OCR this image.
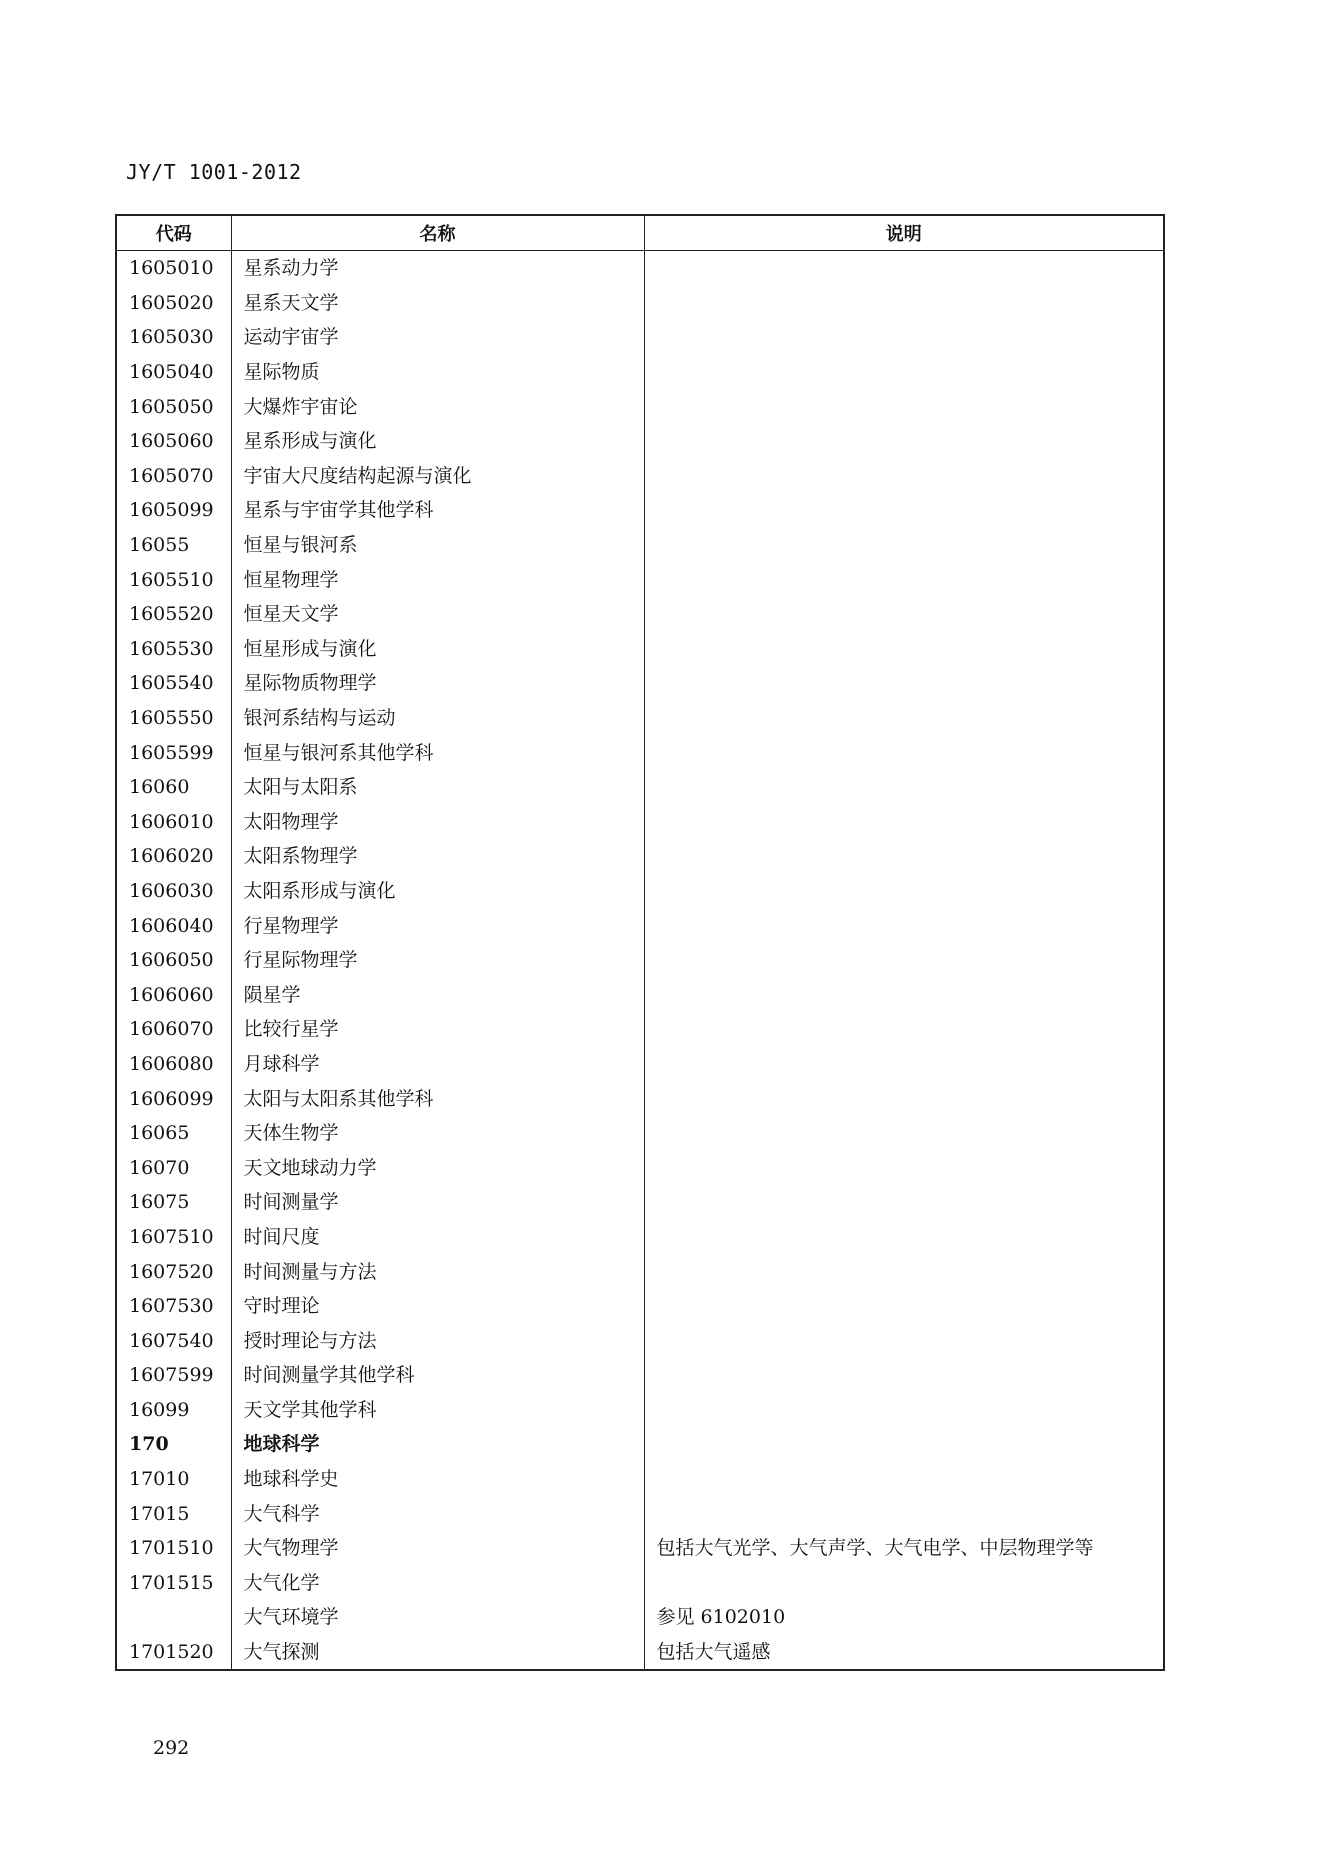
JY/T 1001-2012
代码	名称	说明
1605010	星系动力学	
1605020	星系天文学	
1605030	运动宇宙学	
1605040	星际物质	
1605050	大爆炸宇宙论	
1605060	星系形成与演化	
1605070	宇宙大尺度结构起源与演化	
1605099	星系与宇宙学其他学科	
16055	恒星与银河系	
1605510	恒星物理学	
1605520	恒星天文学	
1605530	恒星形成与演化	
1605540	星际物质物理学	
1605550	银河系结构与运动	
1605599	恒星与银河系其他学科	
16060	太阳与太阳系	
1606010	太阳物理学	
1606020	太阳系物理学	
1606030	太阳系形成与演化	
1606040	行星物理学	
1606050	行星际物理学	
1606060	陨星学	
1606070	比较行星学	
1606080	月球科学	
1606099	太阳与太阳系其他学科	
16065	天体生物学	
16070	天文地球动力学	
16075	时间测量学	
1607510	时间尺度	
1607520	时间测量与方法	
1607530	守时理论	
1607540	授时理论与方法	
1607599	时间测量学其他学科	
16099	天文学其他学科	
170	地球科学	
17010	地球科学史	
17015	大气科学	
1701510	大气物理学	包括大气光学、大气声学、大气电学、中层物理学等
1701515	大气化学	
	大气环境学	参见 6102010
1701520	大气探测	包括大气遥感
292
